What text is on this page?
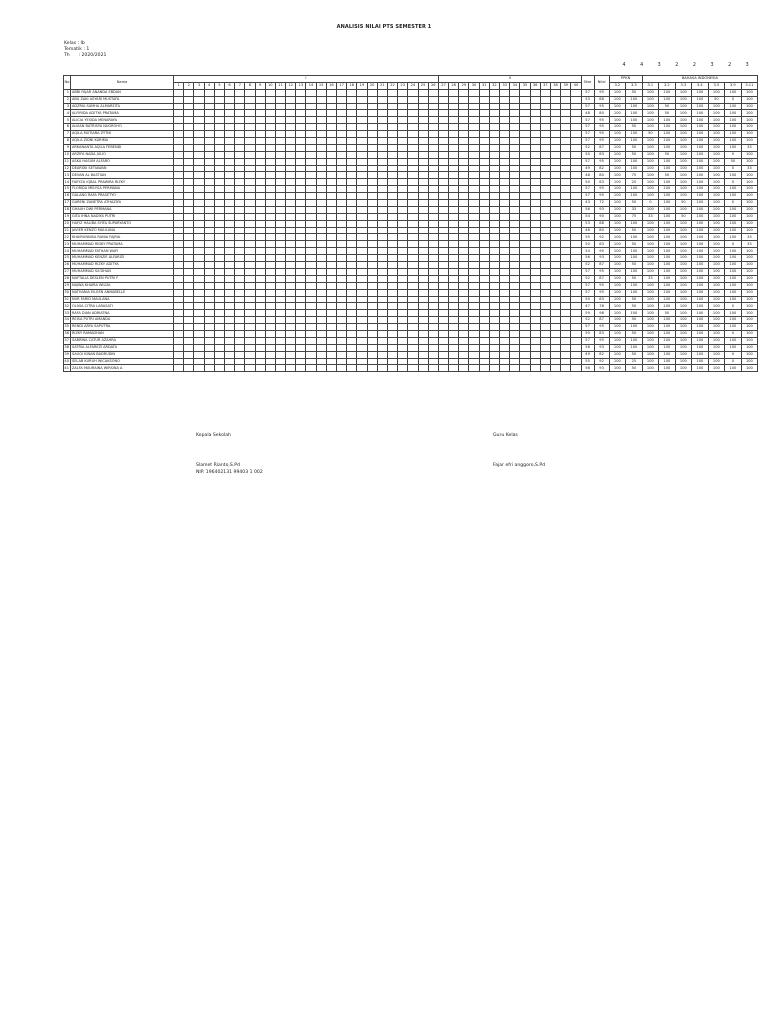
ANALISIS NILAI PTS SEMESTER 1
Kelas : Ib
Tematik : 1
Th      : 2020/2021
4	4	3	2	2	3	2	3
No	Nama	I																										II														Skor	Nilai	PPKN		BAHASA INDONESIA						
		1	2	3	4	5	6	7	8	9	10	11	12	13	14	15	16	17	18	19	20	21	22	23	24	25	26	27	28	29	30	31	32	33	34	35	36	37	38	39	40			3.2	3.3	3.1	3.2	3.3	3.4	3.5	3.9	3.11

1	ABBI FAJAR ANANDA EBDAN																																									57	95	100	50	100	100	100	100	100	100	100
2	ABU ZAKI ASYARI MUSTAFA																																									53	88	100	100	100	100	100	100	50	0	100
3	ADZRIA SAMHA ALMAREITA																																									57	95	100	100	100	50	100	100	100	100	100
4	ALFIRIDA ADITYA PRATAMA																																									48	80	100	100	100	50	100	100	100	100	100
5	ALICIA YESIDA MENARAYA																																									57	95	100	100	100	100	100	100	100	100	100
6	ALVIAN BATRISYA NUGROHO																																									57	95	100	50	100	100	100	100	100	100	100
7	AQILA MUTIARA ZYTNI																																									57	95	100	100	50	100	100	100	100	100	100
8	AQILA ZIDNI KARIMA																																									57	95	100	100	100	100	100	100	100	100	100
9	ARKANANTA AQILA FEBENDI																																									52	87	100	50	100	100	100	100	100	100	33
10	ARZIFA NADA JULIO																																									50	83	100	50	100	50	100	100	100	0	100
11	ASKA HASUM ALFARO																																									57	95	100	100	100	100	100	100	100	50	100
12	DEARSKI SETIAWAN																																									49	82	100	100	100	100	100	100	100	0	33
13	DEVAN AL BASTIAN																																									48	80	100	75	100	50	100	100	100	100	100
14	FAEYZA IQBAL PRAWIRA RIZKY																																									50	83	100	25	100	100	100	100	100	0	100
15	FLORIDA MELYSA PERMANA																																									57	95	100	100	100	100	100	100	100	100	100
16	GALANG RAFA PRASETYO																																									57	95	100	100	100	100	100	100	100	100	100
17	GARENI ZANETRA ATHAZIYA																																									43	72	100	50	0	100	50	100	100	0	100
18	GHAUH DWI PERMANA																																									56	93	100	33	100	100	100	100	100	100	100
19	GITA IHNA NADIYA PUTRI																																									54	90	100	75	33	100	50	100	100	100	100
20	HAFIZ HALIBA SYIFA SUPARYANTO																																									53	88	100	100	100	100	100	100	100	100	100
21	JAVIER KENZO MAULANA																																									48	80	100	50	100	100	100	100	100	100	100
22	KHAIRUNNISA RANIA FAJRIA																																									55	92	100	100	100	100	100	100	100	100	33
23	MUHAMMAD RIDKY PRATAMA																																									50	83	100	50	100	100	100	100	100	0	33
24	MUHAMMAD FATHAN WAFI																																									54	90	100	100	100	100	100	100	100	100	100
25	MUHAMMAD KENZIE ALFARIZI																																									56	93	100	100	100	100	100	100	100	100	100
26	MUHAMMAD RIZKY ADITYA																																									52	87	100	50	100	100	100	100	100	100	100
27	MUHAMMAD SA'DHAN																																									57	95	100	100	100	100	100	100	100	100	100
28	NAFTALIA DESLEN PUTRI F																																									52	87	100	50	33	100	100	100	100	100	100
29	NAJWA KHAIRA WILDA																																									57	95	100	100	100	100	100	100	100	100	100
30	NATHANIA EILEEN ANNABELLE																																									57	95	100	100	100	100	100	100	100	100	100
31	NUR FARID MAULANA																																									50	83	100	50	100	100	100	100	100	100	100
32	OLIVIA CITRA LARASATI																																									47	78	100	50	100	100	100	100	100	0	100
33	RAFA DIAN ADRIATNA																																									59	98	100	100	100	50	100	100	100	100	100
34	REISA PUTRI AMANDA																																									52	87	100	50	100	100	100	100	100	100	100
35	RENDI ARYA SAPUTRA																																									57	95	100	100	100	100	100	100	100	100	100
36	RIZKY RAMADHAN																																									50	83	100	50	100	100	100	100	100	0	100
37	SABRINA CATUR AZAHRA																																									57	95	100	100	100	100	100	100	100	100	100
38	SATRIA ALFAREZI ARDATA																																									56	93	100	100	100	100	100	100	100	100	100
39	SAUQI KINAN BADRUDIN																																									49	82	100	50	100	100	100	100	100	0	100
40	SELAB KURUH WICAKSONO																																									55	92	100	25	100	100	100	100	100	0	100
41	ZALFA MAURAINA WIRSINA A																																									56	93	100	50	100	100	100	100	100	100	100
Kepala Sekolah	Guru Kelas
Slamet Rianto,S.Pd
NIP. 196402131 99403 1 002
Fajar efri anggoro,S.Pd
